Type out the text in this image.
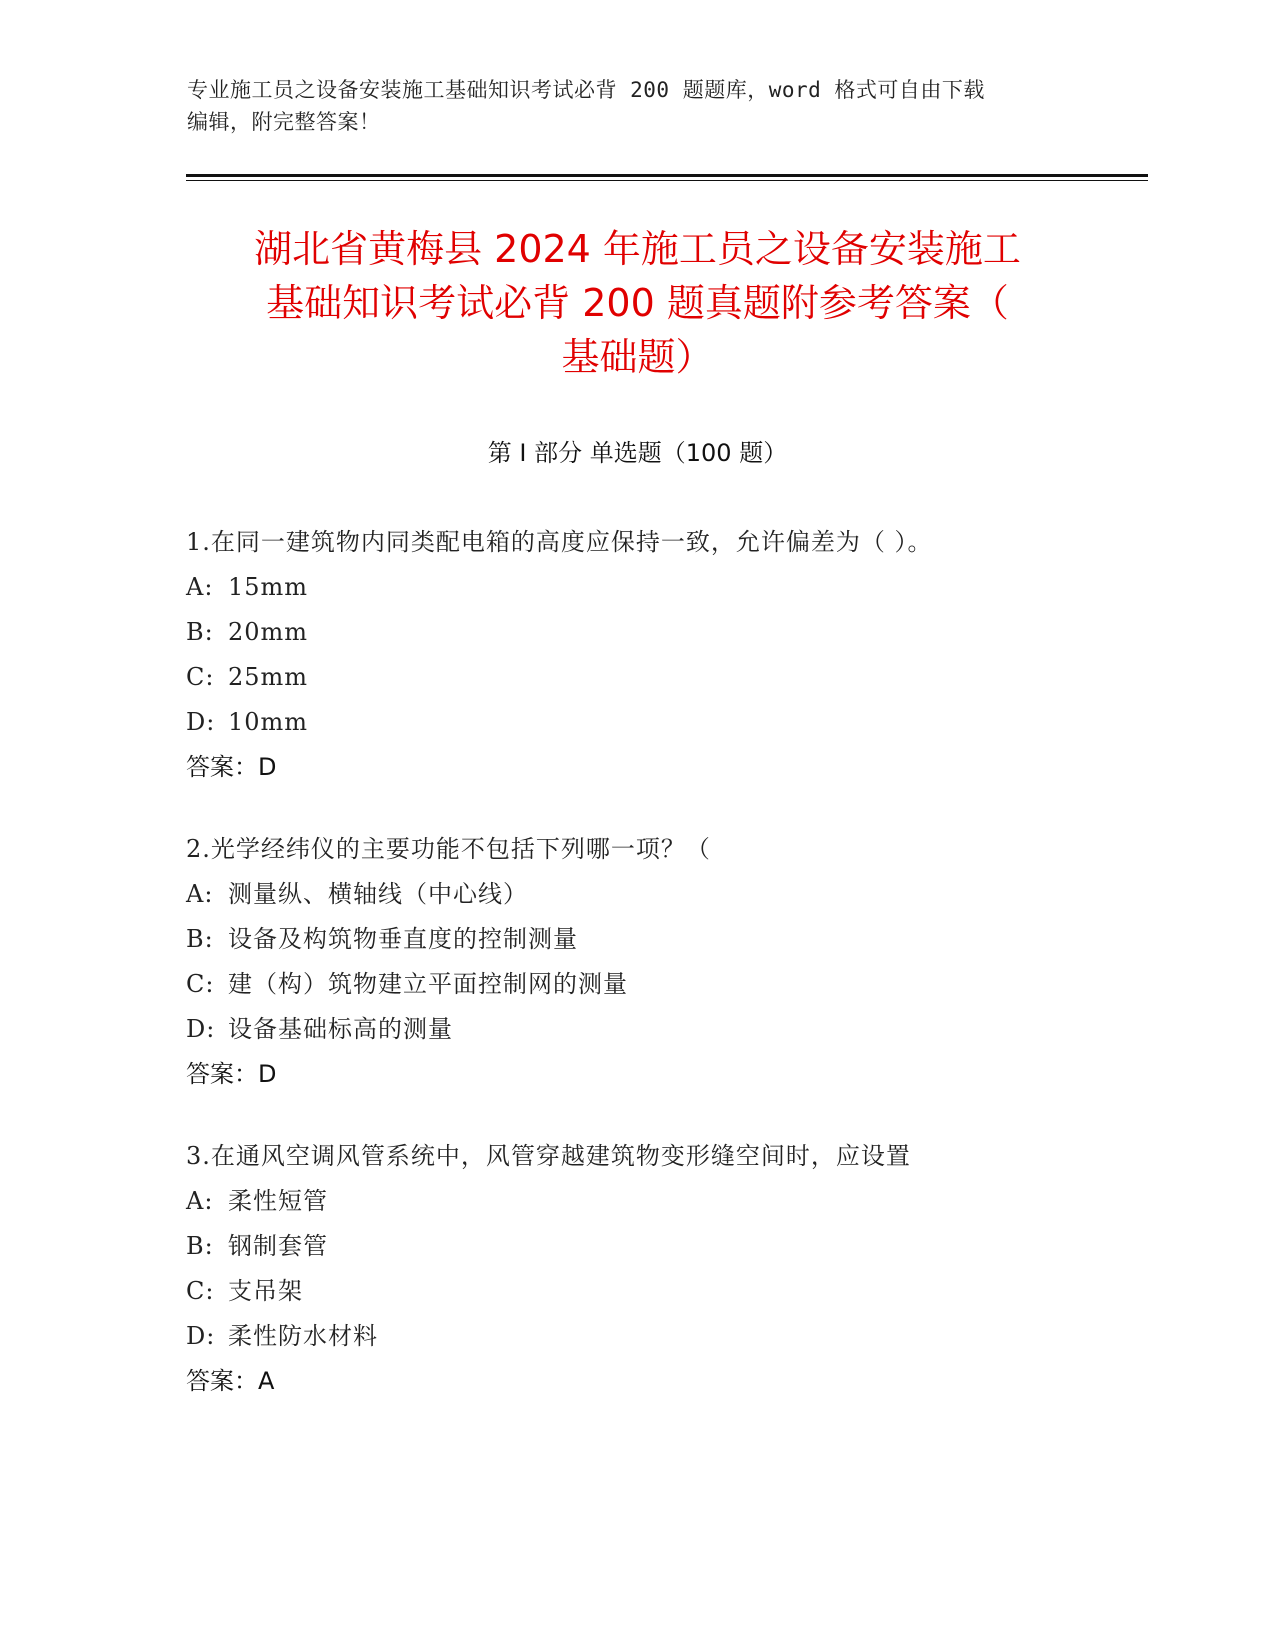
专业施工员之设备安装施工基础知识考试必背 200 题题库，word 格式可自由下载
编辑，附完整答案！
湖北省黄梅县 2024 年施工员之设备安装施工
基础知识考试必背 200 题真题附参考答案（
基础题）
第 I 部分 单选题（100 题）
1.在同一建筑物内同类配电箱的高度应保持一致，允许偏差为（ ）。
A: 15mm
B: 20mm
C: 25mm
D: 10mm
答案：D
2.光学经纬仪的主要功能不包括下列哪一项？（
A: 测量纵、横轴线（中心线）
B: 设备及构筑物垂直度的控制测量
C: 建（构）筑物建立平面控制网的测量
D: 设备基础标高的测量
答案：D
3.在通风空调风管系统中，风管穿越建筑物变形缝空间时，应设置
A: 柔性短管
B: 钢制套管
C: 支吊架
D: 柔性防水材料
答案：A
